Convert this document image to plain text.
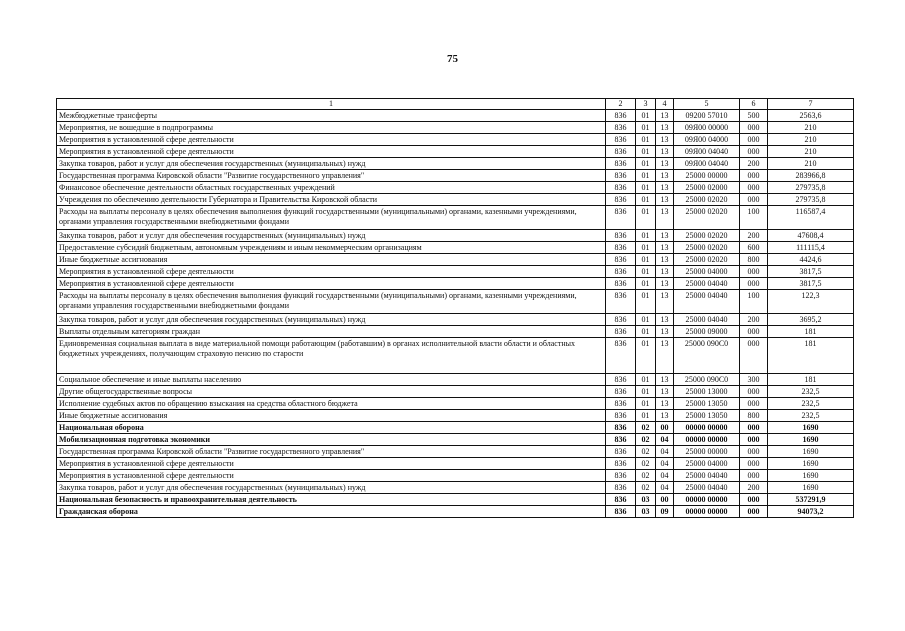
75
1	2	3	4	5	6	7
Межбюджетные трансферты	836	01	13	09200 57010	500	2563,6
Мероприятия, не вошедшие в подпрограммы	836	01	13	09Я00 00000	000	210
Мероприятия в установленной сфере деятельности	836	01	13	09Я00 04000	000	210
Мероприятия в установленной сфере деятельности	836	01	13	09Я00 04040	000	210
Закупка товаров, работ и услуг для обеспечения государственных (муниципальных) нужд	836	01	13	09Я00 04040	200	210
Государственная программа Кировской области "Развитие государственного управления"	836	01	13	25000 00000	000	283966,8
Финансовое обеспечение деятельности областных государственных учреждений	836	01	13	25000 02000	000	279735,8
Учреждения по обеспечению деятельности Губернатора и Правительства Кировской области	836	01	13	25000 02020	000	279735,8
Расходы на выплаты персоналу в целях обеспечения выполнения функций государственными (муниципальными) органами, казенными учреждениями, органами управления государственными внебюджетными фондами	836	01	13	25000 02020	100	116587,4
Закупка товаров, работ и услуг для обеспечения государственных (муниципальных) нужд	836	01	13	25000 02020	200	47608,4
Предоставление субсидий бюджетным, автономным учреждениям и иным некоммерческим организациям	836	01	13	25000 02020	600	111115,4
Иные бюджетные ассигнования	836	01	13	25000 02020	800	4424,6
Мероприятия в установленной сфере деятельности	836	01	13	25000 04000	000	3817,5
Мероприятия в установленной сфере деятельности	836	01	13	25000 04040	000	3817,5
Расходы на выплаты персоналу в целях обеспечения выполнения функций государственными (муниципальными) органами, казенными учреждениями, органами управления государственными внебюджетными фондами	836	01	13	25000 04040	100	122,3
Закупка товаров, работ и услуг для обеспечения государственных (муниципальных) нужд	836	01	13	25000 04040	200	3695,2
Выплаты отдельным категориям граждан	836	01	13	25000 09000	000	181
Единовременная социальная выплата в виде материальной помощи работающим (работавшим) в органах исполнительной власти области и областных бюджетных учреждениях, получающим страховую пенсию по старости	836	01	13	25000 090С0	000	181
Социальное обеспечение и иные выплаты населению	836	01	13	25000 090С0	300	181
Другие общегосударственные вопросы	836	01	13	25000 13000	000	232,5
Исполнение судебных актов по обращению взыскания на средства областного бюджета	836	01	13	25000 13050	000	232,5
Иные бюджетные ассигнования	836	01	13	25000 13050	800	232,5
Национальная оборона	836	02	00	00000 00000	000	1690
Мобилизационная подготовка экономики	836	02	04	00000 00000	000	1690
Государственная программа Кировской области "Развитие государственного управления"	836	02	04	25000 00000	000	1690
Мероприятия в установленной сфере деятельности	836	02	04	25000 04000	000	1690
Мероприятия в установленной сфере деятельности	836	02	04	25000 04040	000	1690
Закупка товаров, работ и услуг для обеспечения государственных (муниципальных) нужд	836	02	04	25000 04040	200	1690
Национальная безопасность и правоохранительная деятельность	836	03	00	00000 00000	000	537291,9
Гражданская оборона	836	03	09	00000 00000	000	94073,2
